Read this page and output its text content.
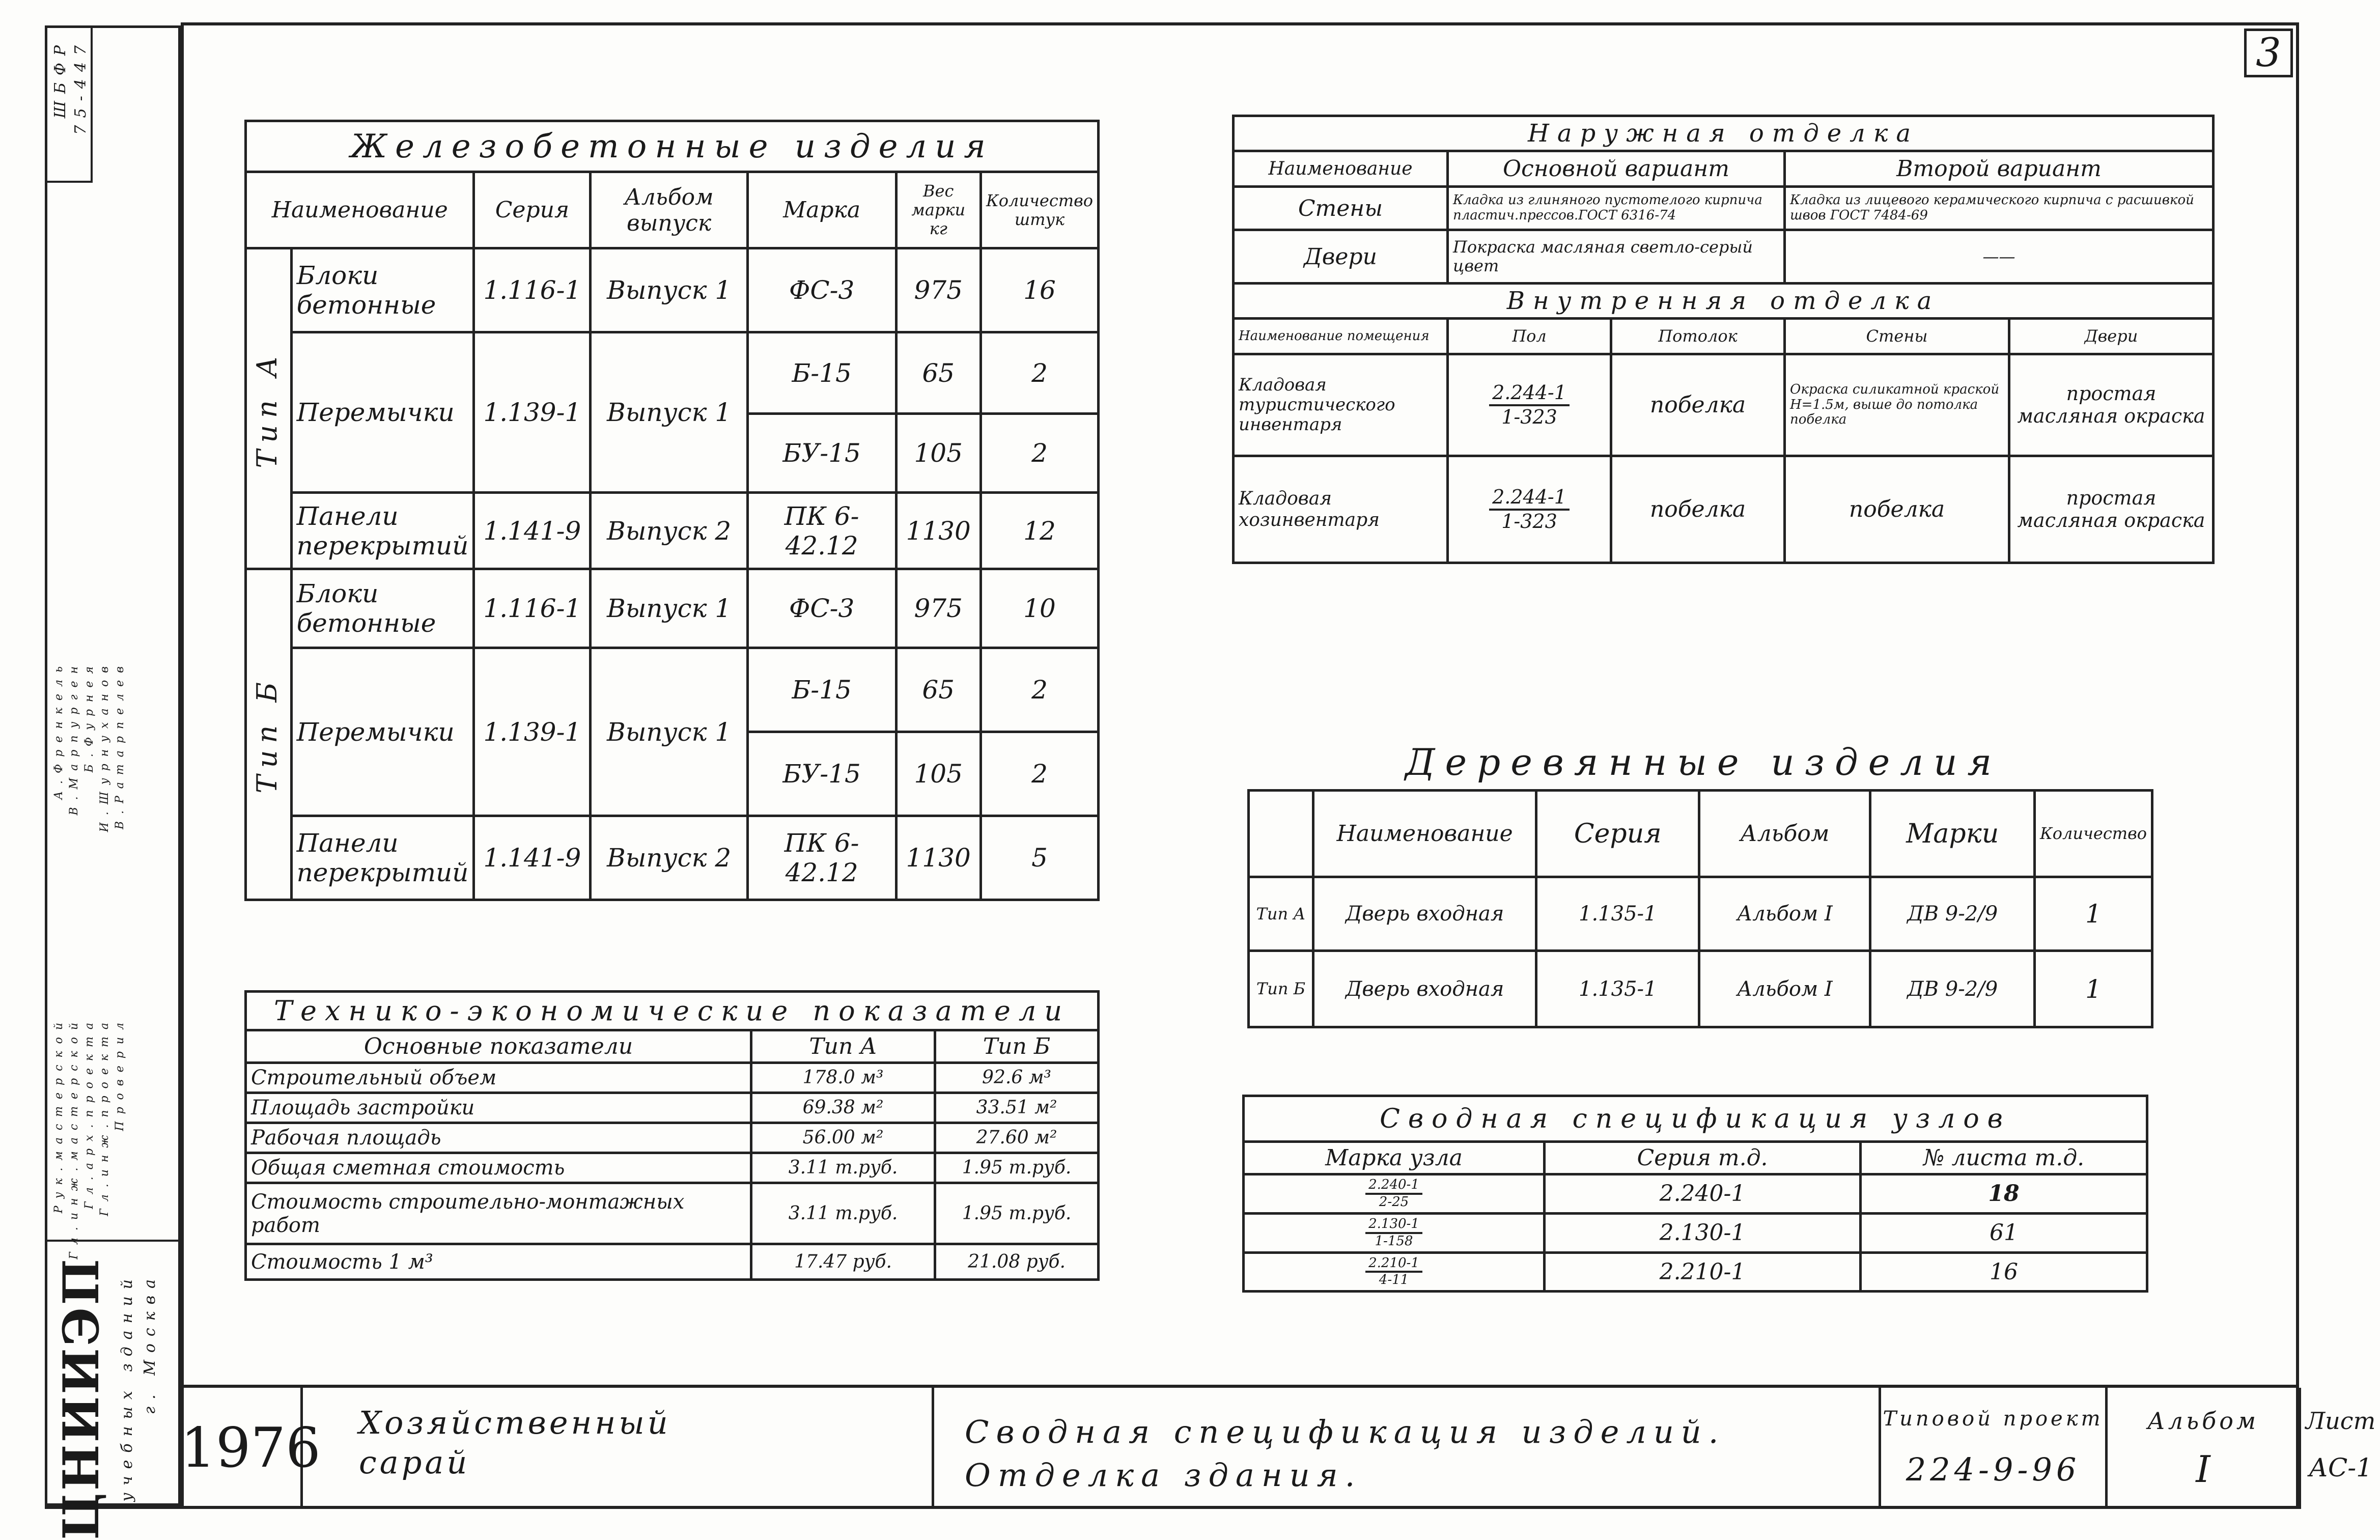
3
ШБФР 75-447
Рук.мастерской Гл.инж.мастерской Гл.арх.проекта Гл.инж.проекта Проверил
А.Френкель В.Марпурген Б.Фурнея И.Шурнуханов В.Ратарпелев
ЦНИИЭП учебных зданий г. Москва
Железобетонные изделия						
Наименование		Серия	Альбом выпуск	Марка	Вес марки кг	Количество штук

Тип А	Блоки бетонные	1.116-1	Выпуск 1	ФС-3	975	16
	Перемычки	1.139-1	Выпуск 1	Б-15	65	2
				БУ-15	105	2
	Панели перекрытий	1.141-9	Выпуск 2	ПК 6-42.12	1130	12

Тип Б	Блоки бетонные	1.116-1	Выпуск 1	ФС-3	975	10
	Перемычки	1.139-1	Выпуск 1	Б-15	65	2
				БУ-15	105	2
	Панели перекрытий	1.141-9	Выпуск 2	ПК 6-42.12	1130	5

Технико-экономические показатели		
Основные показатели	Тип А	Тип Б
Строительный объем	178.0 м³	92.6 м³
Площадь застройки	69.38 м²	33.51 м²
Рабочая площадь	56.00 м²	27.60 м²
Общая сметная стоимость	3.11 т.руб.	1.95 т.руб.
Стоимость строительно-монтажных работ	3.11 т.руб.	1.95 т.руб.
Стоимость 1 м³	17.47 руб.	21.08 руб.
Наружная отделка				
Наименование	Основной вариант		Второй вариант	
Стены	Кладка из глиняного пустотелого кирпича пластич.прессов.ГОСТ 6316-74		Кладка из лицевого керамического кирпича с расшивкой швов ГОСТ 7484-69	
Двери	Покраска масляная светло-серый цвет		——	
Внутренняя отделка				
Наименование помещения	Пол	Потолок	Стены	Двери
Кладовая туристического инвентаря	$\frac{2.244-1}{1-323}$	побелка	Окраска силикатной краской H=1.5м, выше до потолка побелка	простая масляная окраска
Кладовая хозинвентаря	$\frac{2.244-1}{1-323}$	побелка	побелка	простая масляная окраска
Деревянные изделия
	Наименование	Серия	Альбом	Марки	Количество
Тип А	Дверь входная	1.135-1	Альбом I	ДВ 9-2/9	1
Тип Б	Дверь входная	1.135-1	Альбом I	ДВ 9-2/9	1
Сводная спецификация узлов		
Марка узла	Серия т.д.	№ листа т.д.

$\frac{2.240-1}{2-25}$	2.240-1	18

$\frac{2.130-1}{1-158}$	2.130-1	61

$\frac{2.210-1}{4-11}$	2.210-1	16
1976 Хозяйственный сарай
Сводная спецификация изделий.
Отделка здания.
Типовой проект
224-9-96
Альбом
I
Лист
АС-1
